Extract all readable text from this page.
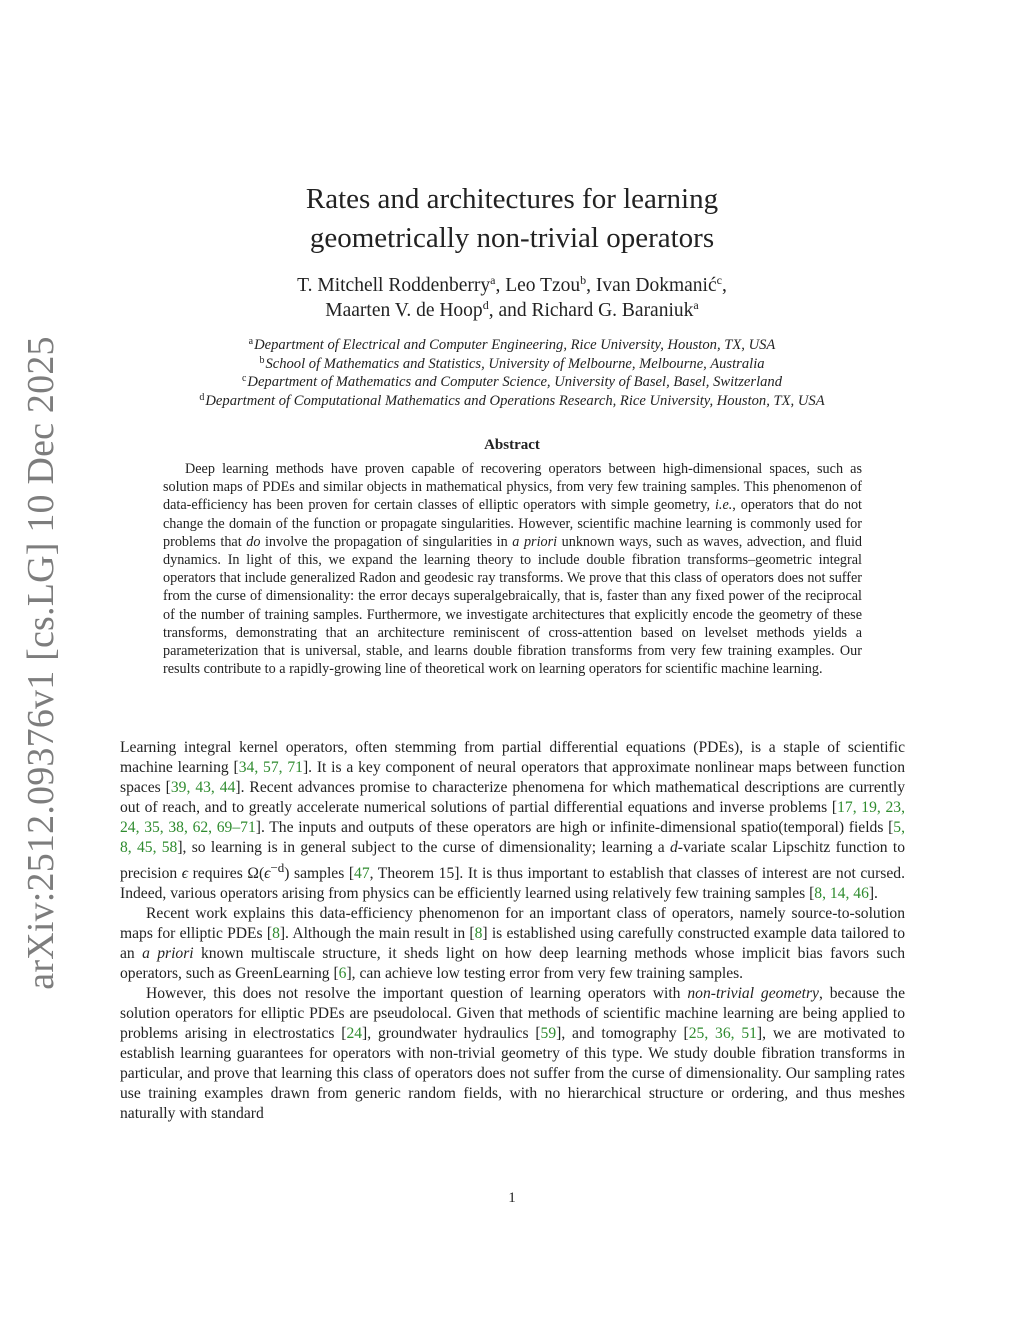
arXiv:2512.09376v1 [cs.LG] 10 Dec 2025
Rates and architectures for learning
geometrically non-trivial operators
T. Mitchell Roddenberry$^a$, Leo Tzou$^b$, Ivan Dokmanić$^c$,
Maarten V. de Hoop$^d$, and Richard G. Baraniuk$^a$
$^a$Department of Electrical and Computer Engineering, Rice University, Houston, TX, USA
$^b$School of Mathematics and Statistics, University of Melbourne, Melbourne, Australia
$^c$Department of Mathematics and Computer Science, University of Basel, Basel, Switzerland
$^d$Department of Computational Mathematics and Operations Research, Rice University, Houston, TX, USA
Abstract

Deep learning methods have proven capable of recovering operators between high-dimensional spaces, such as solution maps of PDEs and similar objects in mathematical physics, from very few training samples. This phenomenon of data-efficiency has been proven for certain classes of elliptic operators with simple geometry, i.e., operators that do not change the domain of the function or propagate singularities. However, scientific machine learning is commonly used for problems that do involve the propagation of singularities in a priori unknown ways, such as waves, advection, and fluid dynamics. In light of this, we expand the learning theory to include double fibration transforms–geometric integral operators that include generalized Radon and geodesic ray transforms. We prove that this class of operators does not suffer from the curse of dimensionality: the error decays superalgebraically, that is, faster than any fixed power of the reciprocal of the number of training samples. Furthermore, we investigate architectures that explicitly encode the geometry of these transforms, demonstrating that an architecture reminiscent of cross-attention based on levelset methods yields a parameterization that is universal, stable, and learns double fibration transforms from very few training examples. Our results contribute to a rapidly-growing line of theoretical work on learning operators for scientific machine learning.

Learning integral kernel operators, often stemming from partial differential equations (PDEs), is a staple of scientific machine learning [34, 57, 71]. It is a key component of neural operators that approximate nonlinear maps between function spaces [39, 43, 44]. Recent advances promise to characterize phenomena for which mathematical descriptions are currently out of reach, and to greatly accelerate numerical solutions of partial differential equations and inverse problems [17, 19, 23, 24, 35, 38, 62, 69–71]. The inputs and outputs of these operators are high or infinite-dimensional spatio(temporal) fields [5, 8, 45, 58], so learning is in general subject to the curse of dimensionality; learning a d-variate scalar Lipschitz function to precision ϵ requires $\Omega(\epsilon^{-d})$ samples [47, Theorem 15]. It is thus important to establish that classes of interest are not cursed. Indeed, various operators arising from physics can be efficiently learned using relatively few training samples [8, 14, 46].

Recent work explains this data-efficiency phenomenon for an important class of operators, namely source-to-solution maps for elliptic PDEs [8]. Although the main result in [8] is established using carefully constructed example data tailored to an a priori known multiscale structure, it sheds light on how deep learning methods whose implicit bias favors such operators, such as GreenLearning [6], can achieve low testing error from very few training samples.

However, this does not resolve the important question of learning operators with non-trivial geometry, because the solution operators for elliptic PDEs are pseudolocal. Given that methods of scientific machine learning are being applied to problems arising in electrostatics [24], groundwater hydraulics [59], and tomography [25, 36, 51], we are motivated to establish learning guarantees for operators with non-trivial geometry of this type. We study double fibration transforms in particular, and prove that learning this class of operators does not suffer from the curse of dimensionality. Our sampling rates use training examples drawn from generic random fields, with no hierarchical structure or ordering, and thus meshes naturally with standard

1
